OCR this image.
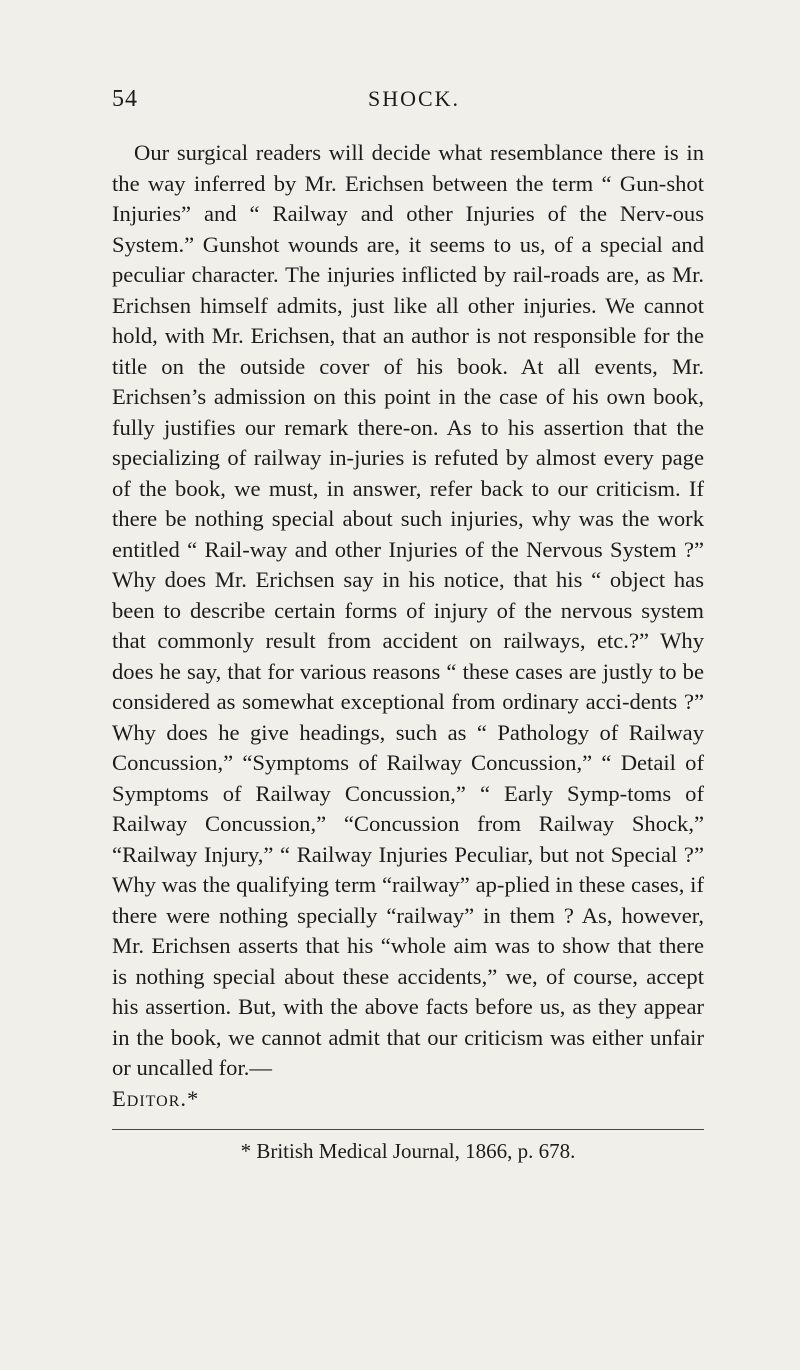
54	SHOCK.

Our surgical readers will decide what resemblance there is in the way inferred by Mr. Erichsen between the term “ Gun-shot Injuries” and “ Railway and other Injuries of the Nerv-ous System.” Gunshot wounds are, it seems to us, of a special and peculiar character. The injuries inflicted by rail-roads are, as Mr. Erichsen himself admits, just like all other injuries. We cannot hold, with Mr. Erichsen, that an author is not responsible for the title on the outside cover of his book. At all events, Mr. Erichsen’s admission on this point in the case of his own book, fully justifies our remark there-on. As to his assertion that the specializing of railway in-juries is refuted by almost every page of the book, we must, in answer, refer back to our criticism. If there be nothing special about such injuries, why was the work entitled “ Rail-way and other Injuries of the Nervous System ?” Why does Mr. Erichsen say in his notice, that his “ object has been to describe certain forms of injury of the nervous system that commonly result from accident on railways, etc.?” Why does he say, that for various reasons “ these cases are justly to be considered as somewhat exceptional from ordinary acci-dents ?” Why does he give headings, such as “ Pathology of Railway Concussion,” “Symptoms of Railway Concussion,” “ Detail of Symptoms of Railway Concussion,” “ Early Symp-toms of Railway Concussion,” “Concussion from Railway Shock,” “Railway Injury,” “ Railway Injuries Peculiar, but not Special ?” Why was the qualifying term “railway” ap-plied in these cases, if there were nothing specially “railway” in them ? As, however, Mr. Erichsen asserts that his “whole aim was to show that there is nothing special about these accidents,” we, of course, accept his assertion. But, with the above facts before us, as they appear in the book, we cannot admit that our criticism was either unfair or uncalled for.—
Editor.*

* British Medical Journal, 1866, p. 678.
